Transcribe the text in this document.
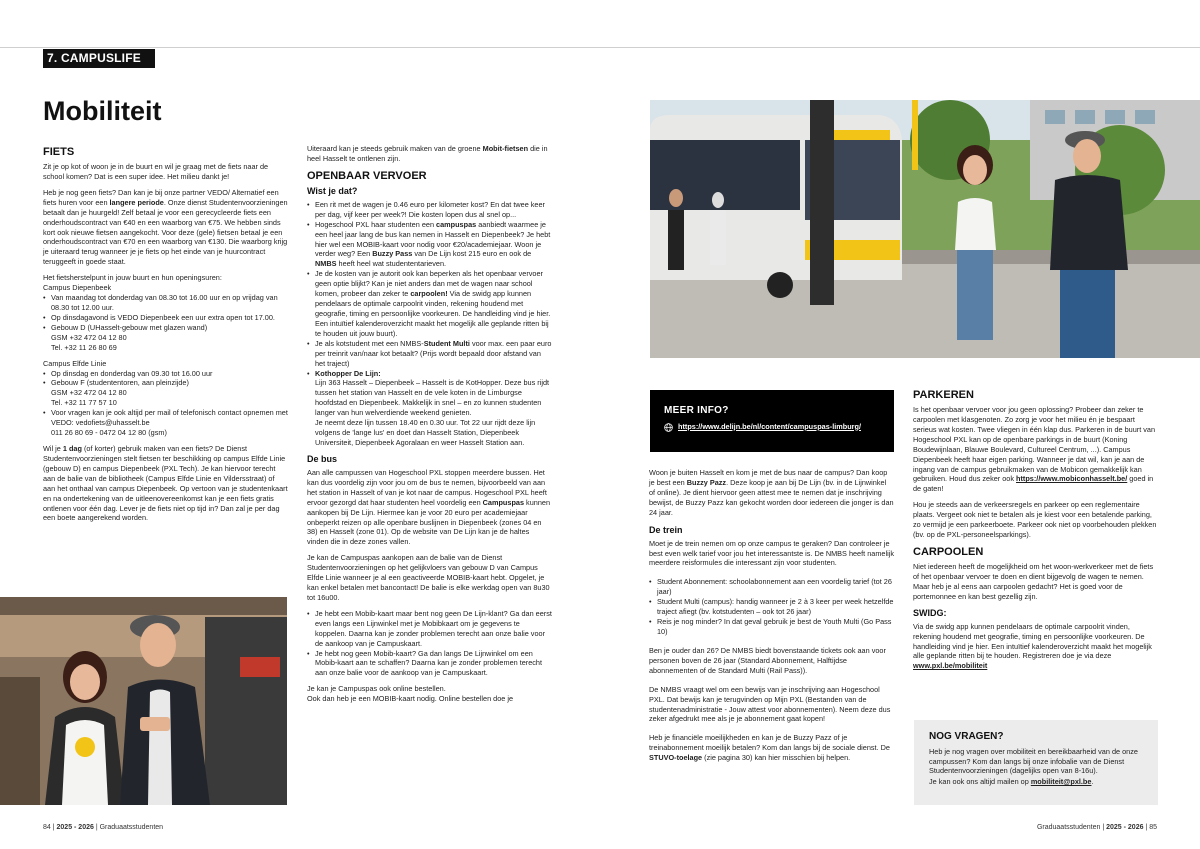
7. CAMPUSLIFE
Mobiliteit
FIETS

Zit je op kot of woon je in de buurt en wil je graag met de fiets naar de school komen? Dat is een super idee. Het milieu dankt je!

Heb je nog geen fiets? Dan kan je bij onze partner VEDO/ Alternatief een fiets huren voor een langere periode. Onze dienst Studentenvoorzieningen betaalt dan je huurgeld! Zelf betaal je voor een gerecycleerde fiets een onderhoudscontract van €40 en een waarborg van €75. We hebben sinds kort ook nieuwe fietsen aangekocht. Voor deze (gele) fietsen betaal je een onderhoudscontract van €70 en een waarborg van €130. Die waarborg krijg je uiteraard terug wanneer je je fiets op het einde van je huurcontract teruggeeft in goede staat.

Het fietsherstelpunt in jouw buurt en hun openingsuren:
Campus Diepenbeek

• Van maandag tot donderdag van 08.30 tot 16.00 uur en op vrijdag van 08.30 tot 12.00 uur.
• Op dinsdagavond is VEDO Diepenbeek een uur extra open tot 17.00.
• Gebouw D (UHasselt-gebouw met glazen wand)
GSM +32 472 04 12 80
Tel. +32 11 26 80 69

Campus Elfde Linie

• Op dinsdag en donderdag van 09.30 tot 16.00 uur
• Gebouw F (studententoren, aan pleinzijde)
GSM +32 472 04 12 80
Tel. +32 11 77 57 10
• Voor vragen kan je ook altijd per mail of telefonisch contact opnemen met VEDO: vedofiets@uhasselt.be
011 26 80 69 - 0472 04 12 80 (gsm)

Wil je 1 dag (of korter) gebruik maken van een fiets? De Dienst Studentenvoorzieningen stelt fietsen ter beschikking op campus Elfde Linie (gebouw D) en campus Diepenbeek (PXL Tech). Je kan hiervoor terecht aan de balie van de bibliotheek (Campus Elfde Linie en Vildersstraat) of aan het onthaal van campus Diepenbeek. Op vertoon van je studentenkaart en na ondertekening van de uitleenovereenkomst kan je een fiets gratis ontlenen voor één dag. Lever je de fiets niet op tijd in? Dan zal je per dag een boete aangerekend worden.

Uiteraard kan je steeds gebruik maken van de groene Mobit-fietsen die in heel Hasselt te ontlenen zijn.

OPENBAAR VERVOER
Wist je dat?
• Een rit met de wagen je 0.46 euro per kilometer kost? En dat twee keer per dag, vijf keer per week?! Die kosten lopen dus al snel op...
• Hogeschool PXL haar studenten een campuspas aanbiedt waarmee je een heel jaar lang de bus kan nemen in Hasselt en Diepenbeek? Je hebt hier wel een MOBIB-kaart voor nodig voor €20/academiejaar. Woon je verder weg? Een Buzzy Pass van De Lijn kost 215 euro en ook de NMBS heeft heel wat studententarieven.
• Je de kosten van je autorit ook kan beperken als het openbaar vervoer geen optie blijkt? Kan je niet anders dan met de wagen naar school komen, probeer dan zeker te carpoolen! Via de swidg app kunnen pendelaars de optimale carpoolrit vinden, rekening houdend met geografie, timing en persoonlijke voorkeuren. De handleiding vind je hier. Een intuïtief kalenderoverzicht maakt het mogelijk alle geplande ritten bij te houden uit jouw buurt).
• Je als kotstudent met een NMBS-Student Multi voor max. een paar euro per treinrit van/naar kot betaalt? (Prijs wordt bepaald door afstand van het traject)
• Kothopper De Lijn:
Lijn 363 Hasselt – Diepenbeek – Hasselt is de KotHopper. Deze bus rijdt tussen het station van Hasselt en de vele koten in de Limburgse hoofdstad en Diepenbeek. Makkelijk in snel – en zo kunnen studenten langer van hun welverdiende weekend genieten.
Je neemt deze lijn tussen 18.40 en 0.30 uur. Tot 22 uur rijdt deze lijn volgens de 'lange lus' en doet dan Hasselt Station, Diepenbeek Universiteit, Diepenbeek Agoralaan en weer Hasselt Station aan.
De bus

Aan alle campussen van Hogeschool PXL stoppen meerdere bussen. Het kan dus voordelig zijn voor jou om de bus te nemen, bijvoorbeeld van aan het station in Hasselt of van je kot naar de campus. Hogeschool PXL heeft ervoor gezorgd dat haar studenten heel voordelig een Campuspas kunnen aankopen bij De Lijn. Hiermee kan je voor 20 euro per academiejaar onbeperkt reizen op alle openbare buslijnen in Diepenbeek (zones 04 en 38) en Hasselt (zone 01). Op de website van De Lijn kan je de haltes vinden die in deze zones vallen.

Je kan de Campuspas aankopen aan de balie van de Dienst Studentenvoorzieningen op het gelijkvloers van gebouw D van Campus Elfde Linie wanneer je al een geactiveerde MOBIB-kaart hebt. Opgelet, je kan enkel betalen met bancontact! De balie is elke werkdag open van 8u30 tot 16u00.

• Je hebt een Mobib-kaart maar bent nog geen De Lijn-klant? Ga dan eerst even langs een Lijnwinkel met je Mobibkaart om je gegevens te koppelen. Daarna kan je zonder problemen terecht aan onze balie voor de aankoop van je Campuskaart.
• Je hebt nog geen Mobib-kaart? Ga dan langs De Lijnwinkel om een Mobib-kaart aan te schaffen? Daarna kan je zonder problemen terecht aan onze balie voor de aankoop van je Campuskaart.

Je kan je Campuspas ook online bestellen.
Ook dan heb je een MOBIB-kaart nodig. Online bestellen doe je

MEER INFO?
https://www.delijn.be/nl/content/campuspas-limburg/

Woon je buiten Hasselt en kom je met de bus naar de campus? Dan koop je best een Buzzy Pazz. Deze koop je aan bij De Lijn (bv. in de Lijnwinkel of online). Je dient hiervoor geen attest mee te nemen dat je inschrijving bewijst, de Buzzy Pazz kan gekocht worden door iedereen die jonger is dan 24 jaar.

De trein

Moet je de trein nemen om op onze campus te geraken? Dan controleer je best even welk tarief voor jou het interessantste is. De NMBS heeft namelijk meerdere reisformules die interessant zijn voor studenten.

• Student Abonnement: schoolabonnement aan een voordelig tarief (tot 26 jaar)
• Student Multi (campus): handig wanneer je 2 à 3 keer per week hetzelfde traject afiegt (bv. kotstudenten – ook tot 26 jaar)
• Reis je nog minder? In dat geval gebruik je best de Youth Multi (Go Pass 10)

Ben je ouder dan 26? De NMBS biedt bovenstaande tickets ook aan voor personen boven de 26 jaar (Standard Abonnement, Halftijdse abonnementen of de Standard Multi (Rail Pass)).

De NMBS vraagt wel om een bewijs van je inschrijving aan Hogeschool PXL. Dat bewijs kan je terugvinden op Mijn PXL (Bestanden van de studentenadministratie - Jouw attest voor abonnementen). Neem deze dus zeker afgedrukt mee als je je abonnement gaat kopen!

Heb je financiële moeilijkheden en kan je de Buzzy Pazz of je treinabonnement moeilijk betalen? Kom dan langs bij de sociale dienst. De STUVO-toelage (zie pagina 30) kan hier misschien bij helpen.

PARKEREN

Is het openbaar vervoer voor jou geen oplossing? Probeer dan zeker te carpoolen met klasgenoten. Zo zorg je voor het milieu én je bespaart serieus wat kosten. Twee vliegen in één klap dus. Parkeren in de buurt van Hogeschool PXL kan op de openbare parkings in de buurt (Koning Boudewijnlaan, Blauwe Boulevard, Cultureel Centrum, ...). Campus Diepenbeek heeft haar eigen parking. Wanneer je dat wil, kan je aan de ingang van de campus gebruikmaken van de Mobicon gemakkelijk kan gebruiken. Houd dus zeker ook https://www.mobiconhasselt.be/ goed in de gaten!

Hou je steeds aan de verkeersregels en parkeer op een reglementaire plaats. Vergeet ook niet te betalen als je kiest voor een betalende parking, zo vermijd je een parkeerboete. Parkeer ook niet op voorbehouden plekken (bv. op de PXL-personeelsparkings).

CARPOOLEN

Niet iedereen heeft de mogelijkheid om het woon-werkverkeer met de fiets of het openbaar vervoer te doen en dient bijgevolg de wagen te nemen. Maar heb je al eens aan carpoolen gedacht? Het is goed voor de portemonnee en kan best gezellig zijn.

SWIDG:

Via de swidg app kunnen pendelaars de optimale carpoolrit vinden, rekening houdend met geografie, timing en persoonlijke voorkeuren. De handleiding vind je hier. Een intuïtief kalenderoverzicht maakt het mogelijk alle geplande ritten bij te houden. Registreren doe je via deze www.pxl.be/mobiliteit

NOG VRAGEN?

Heb je nog vragen over mobiliteit en bereikbaarheid van de onze campussen? Kom dan langs bij onze infobalie van de Dienst Studentenvoorzieningen (dagelijks open van 8-16u).

Je kan ook ons altijd mailen op mobiliteit@pxl.be.

84 | 2025 - 2026 | Graduaatsstudenten	Graduaatsstudenten | 2025 - 2026 | 85
